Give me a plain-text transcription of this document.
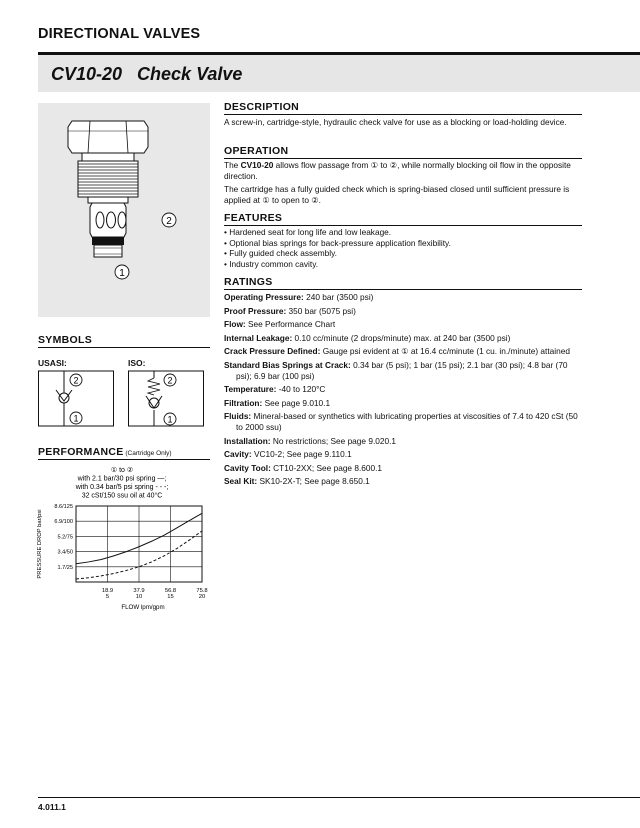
DIRECTIONAL VALVES
CV10-20   Check Valve
2
1
DESCRIPTION

A screw-in, cartridge-style, hydraulic check valve for use as a blocking or load-holding device.

OPERATION

The CV10-20 allows flow passage from ① to ②, while normally blocking oil flow in the opposite direction.

The cartridge has a fully guided check which is spring-biased closed until sufficient pressure is applied at ① to open to ②.

FEATURES
• Hardened seat for long life and low leakage.
• Optional bias springs for back-pressure application flexibility.
• Fully guided check assembly.
• Industry common cavity.
RATINGS

Operating Pressure: 240 bar (3500 psi)

Proof Pressure: 350 bar (5075 psi)

Flow: See Performance Chart

Internal Leakage: 0.10 cc/minute (2 drops/minute) max. at 240 bar (3500 psi)

Crack Pressure Defined: Gauge psi evident at ① at 16.4 cc/minute (1 cu. in./minute) attained

Standard Bias Springs at Crack: 0.34 bar (5 psi); 1 bar (15 psi); 2.1 bar (30 psi); 4.8 bar (70 psi); 6.9 bar (100 psi)

Temperature: -40 to 120°C

Filtration: See page 9.010.1

Fluids: Mineral-based or synthetics with lubricating properties at viscosities of 7.4 to 420 cSt (50 to 2000 ssu)

Installation: No restrictions; See page 9.020.1

Cavity: VC10-2; See page 9.110.1

Cavity Tool: CT10-2XX; See page 8.600.1

Seal Kit: SK10-2X-T; See page 8.650.1

SYMBOLS
USASI:	ISO:
2
1
2
1
PERFORMANCE (Cartridge Only)
① to ②
with 2.1 bar/30 psi spring —;
with 0.34 bar/5 psi spring - - -;
32 cSt/150 ssu oil at 40°C
18.9
5
37.9
10
56.8
15
75.8
20
1.7/25
3.4/50
5.2/75
6.9/100
8.6/125
FLOW lpm/gpm
PRESSURE DROP bar/psi
4.011.1
